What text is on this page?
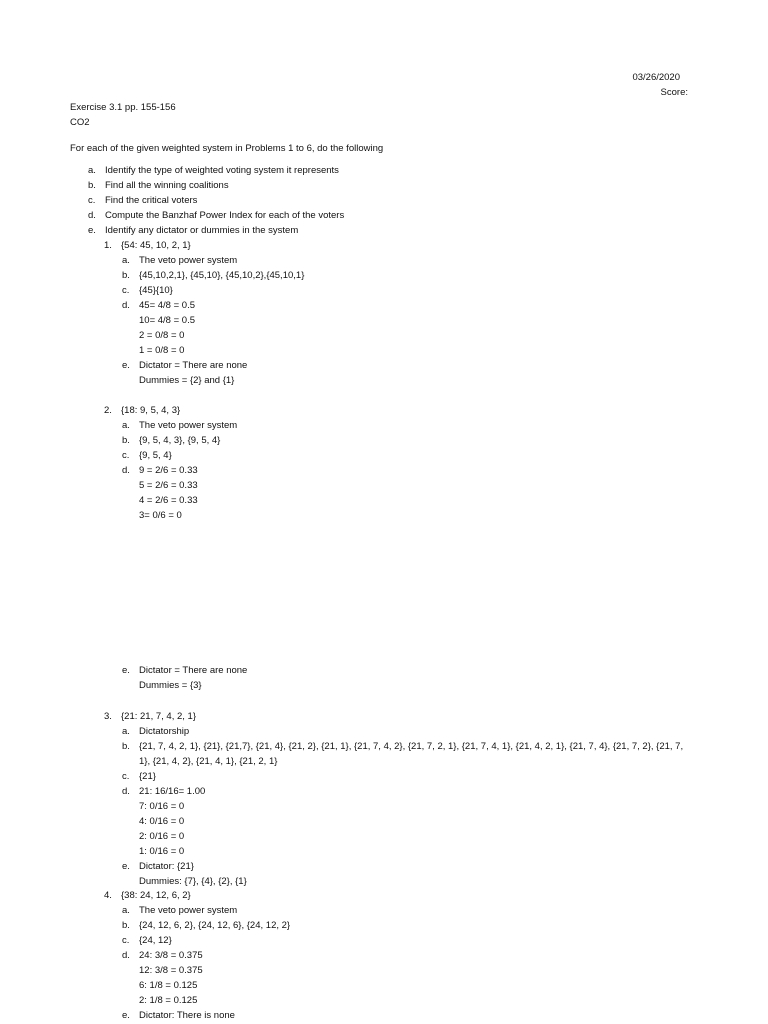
03/26/2020
Score:
Exercise 3.1 pp. 155-156
CO2
For each of the given weighted system in Problems 1 to 6, do the following
a. Identify the type of weighted voting system it represents
b. Find all the winning coalitions
c. Find the critical voters
d. Compute the Banzhaf Power Index for each of the voters
e. Identify any dictator or dummies in the system
1. {54: 45, 10, 2, 1}
a. The veto power system
b. {45,10,2,1}, {45,10}, {45,10,2},{45,10,1}
c. {45}{10}
d. 45= 4/8 = 0.5
10= 4/8 = 0.5
2 = 0/8 = 0
1 = 0/8 = 0
e. Dictator = There are none
Dummies = {2} and {1}
2. {18: 9, 5, 4, 3}
a. The veto power system
b. {9, 5, 4, 3}, {9, 5, 4}
c. {9, 5, 4}
d. 9 = 2/6 = 0.33
5 = 2/6 = 0.33
4 = 2/6 = 0.33
3= 0/6 = 0
e. Dictator = There are none
Dummies = {3}
3. {21: 21, 7, 4, 2, 1}
a. Dictatorship
b. {21, 7, 4, 2, 1}, {21}, {21,7}, {21, 4}, {21, 2}, {21, 1}, {21, 7, 4, 2}, {21, 7, 2, 1}, {21, 7, 4, 1}, {21, 4, 2, 1}, {21, 7, 4}, {21, 7, 2}, {21, 7, 1}, {21, 4, 2}, {21, 4, 1}, {21, 2, 1}
c. {21}
d. 21: 16/16= 1.00
7: 0/16 = 0
4: 0/16 = 0
2: 0/16 = 0
1: 0/16 = 0
e. Dictator: {21}
Dummies: {7}, {4}, {2}, {1}
4. {38: 24, 12, 6, 2}
a. The veto power system
b. {24, 12, 6, 2}, {24, 12, 6}, {24, 12, 2}
c. {24, 12}
d. 24: 3/8 = 0.375
12: 3/8 = 0.375
6: 1/8 = 0.125
2: 1/8 = 0.125
e. Dictator: There is none
